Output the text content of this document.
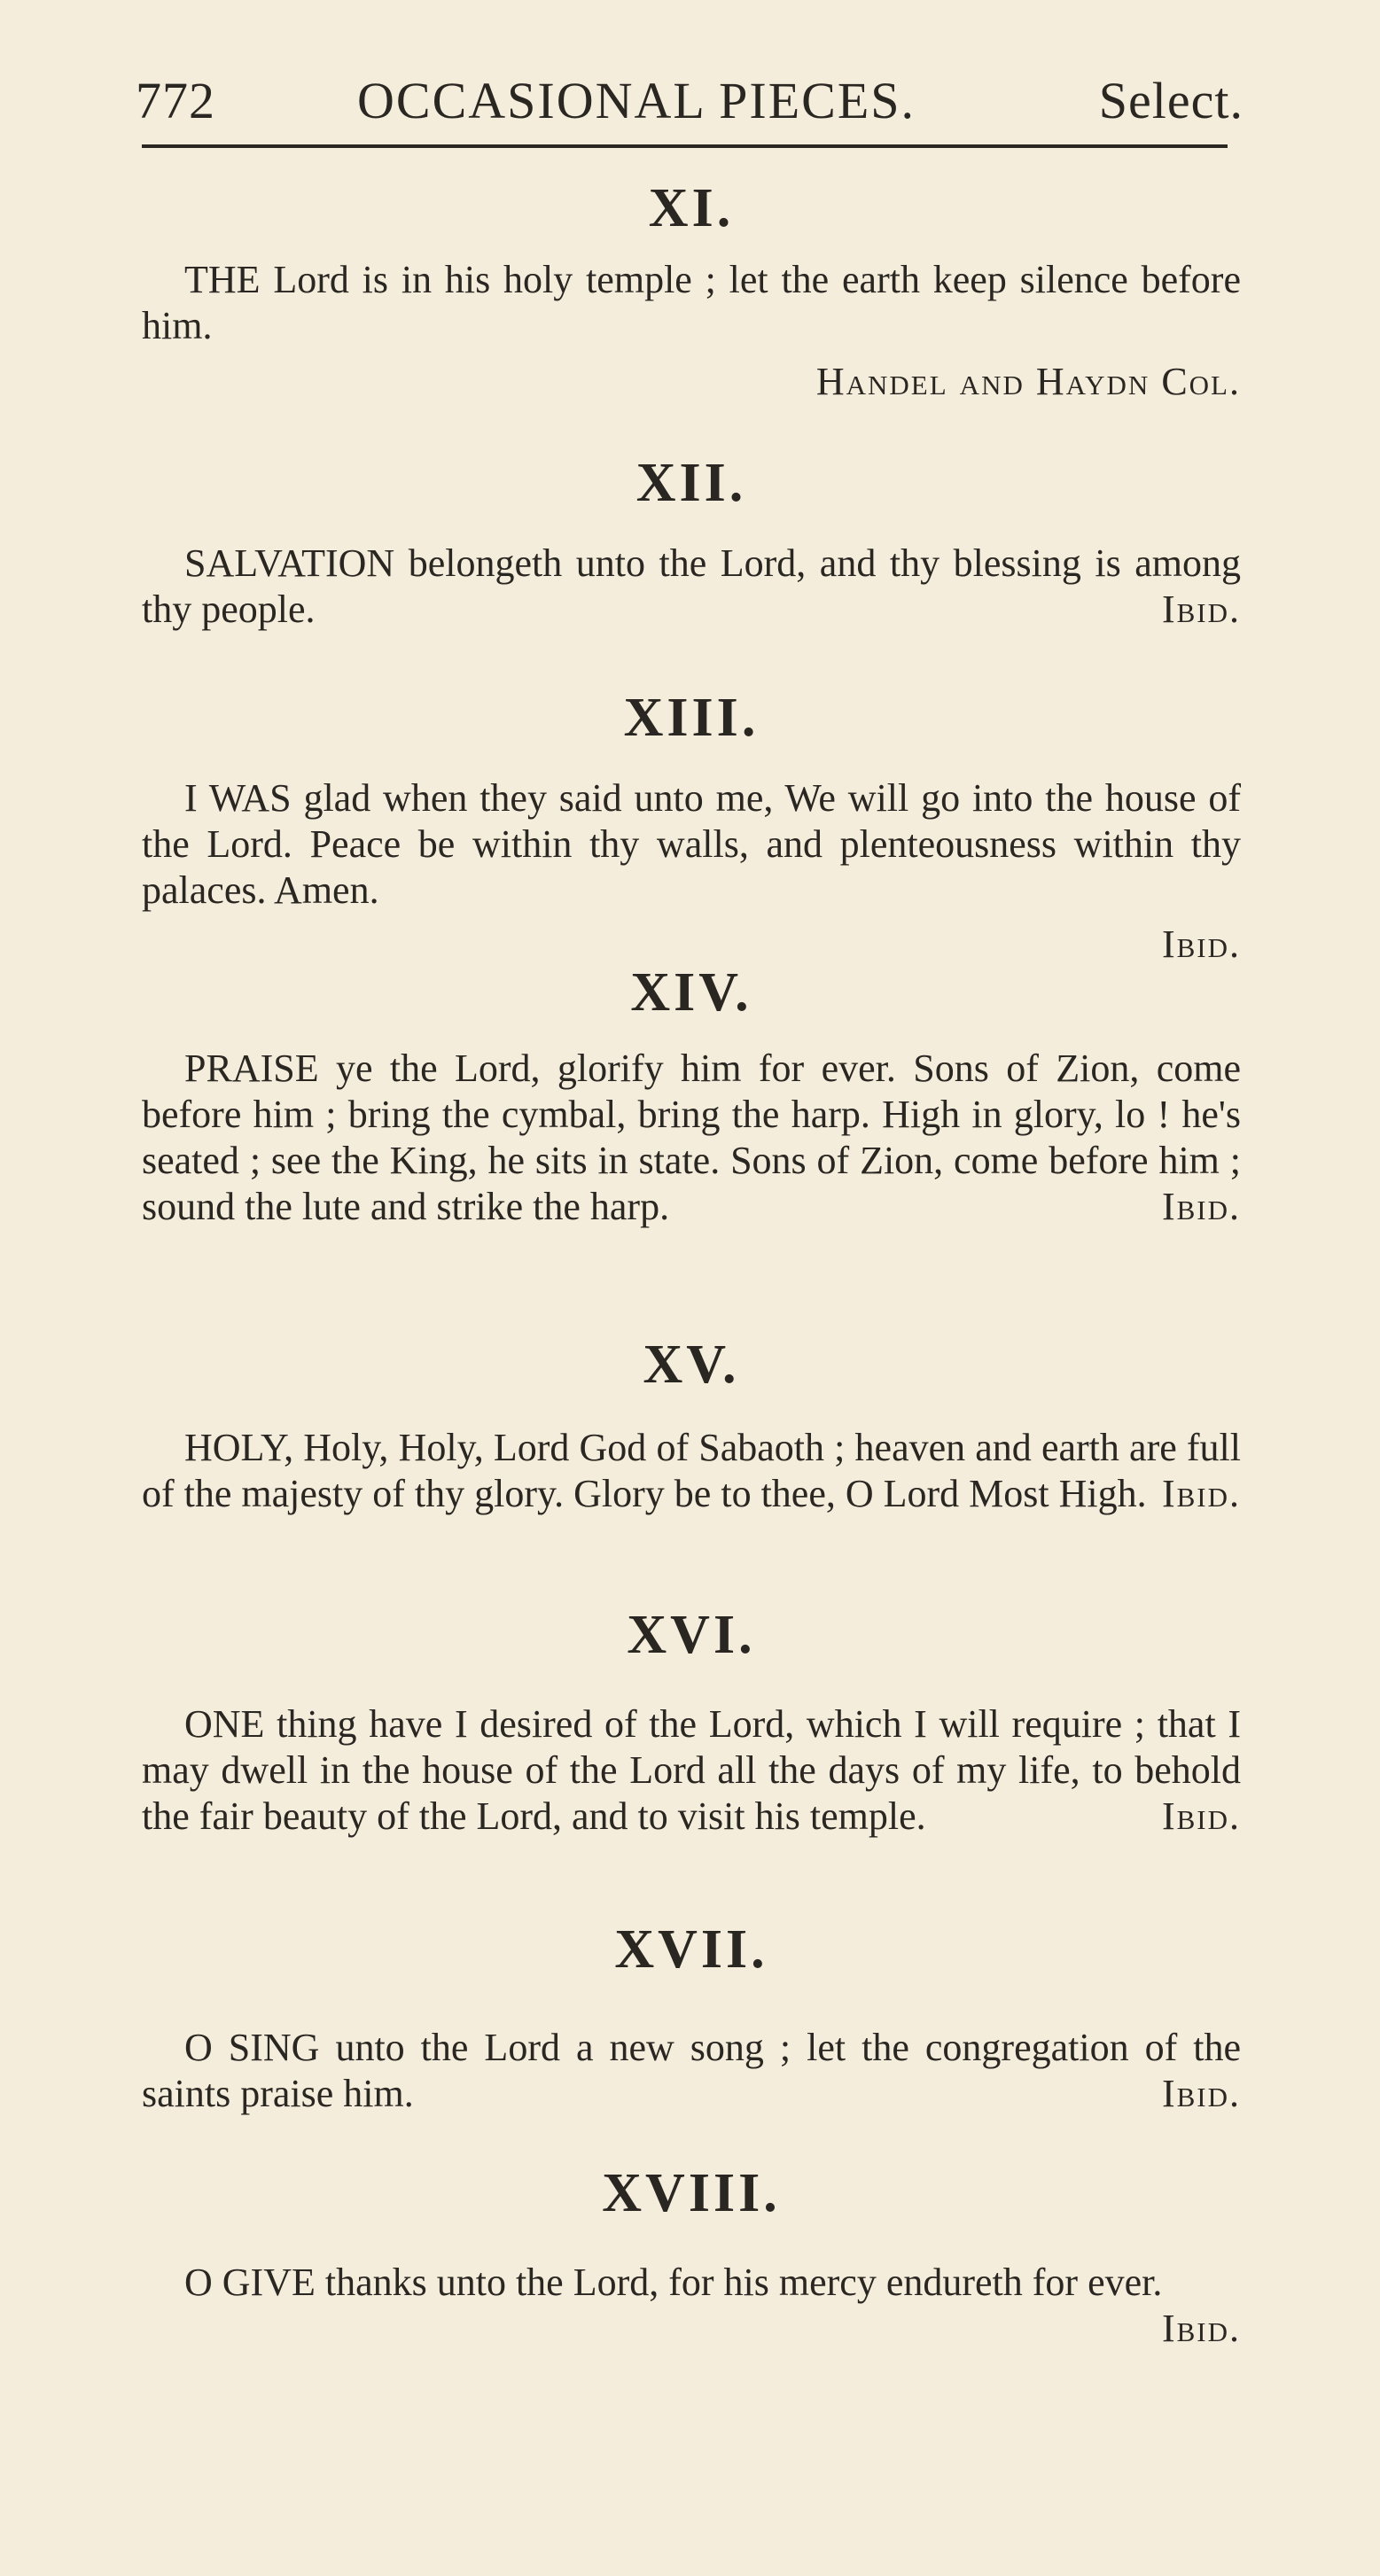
772	OCCASIONAL PIECES.	Select.
XI.
THE Lord is in his holy temple ; let the earth keep silence before him.
Handel and Haydn Col.
XII.
SALVATION belongeth unto the Lord, and thy blessing is among thy people.	Ibid.
XIII.
I WAS glad when they said unto me, We will go into the house of the Lord. Peace be within thy walls, and plenteousness within thy palaces. Amen.
Ibid.
XIV.
PRAISE ye the Lord, glorify him for ever. Sons of Zion, come before him ; bring the cymbal, bring the harp. High in glory, lo ! he's seated ; see the King, he sits in state. Sons of Zion, come before him ; sound the lute and strike the harp.	Ibid.
XV.
HOLY, Holy, Holy, Lord God of Sabaoth ; heaven and earth are full of the majesty of thy glory. Glory be to thee, O Lord Most High. Ibid.
XVI.
ONE thing have I desired of the Lord, which I will require ; that I may dwell in the house of the Lord all the days of my life, to behold the fair beauty of the Lord, and to visit his temple.	Ibid.
XVII.
O SING unto the Lord a new song ; let the congregation of the saints praise him.	Ibid.
XVIII.
O GIVE thanks unto the Lord, for his mercy endureth for ever.
Ibid.
